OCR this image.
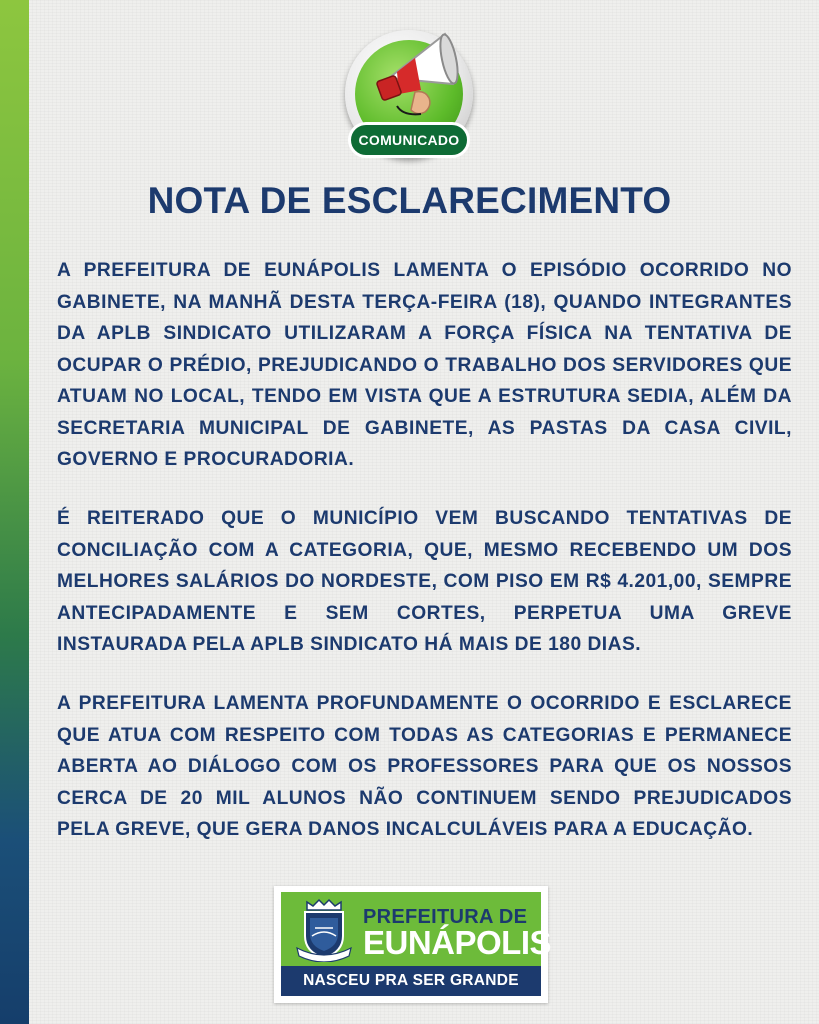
COMUNICADO
NOTA DE ESCLARECIMENTO

A PREFEITURA DE EUNÁPOLIS LAMENTA O EPISÓDIO OCORRIDO NO GABINETE, NA MANHÃ DESTA TERÇA-FEIRA (18), QUANDO INTEGRANTES DA APLB SINDICATO UTILIZARAM A FORÇA FÍSICA NA TENTATIVA DE OCUPAR O PRÉDIO, PREJUDICANDO O TRABALHO DOS SERVIDORES QUE ATUAM NO LOCAL, TENDO EM VISTA QUE A ESTRUTURA SEDIA, ALÉM DA SECRETARIA MUNICIPAL DE GABINETE, AS PASTAS DA CASA CIVIL, GOVERNO E PROCURADORIA.

É REITERADO QUE O MUNICÍPIO VEM BUSCANDO TENTATIVAS DE CONCILIAÇÃO COM A CATEGORIA, QUE, MESMO RECEBENDO UM DOS MELHORES SALÁRIOS DO NORDESTE, COM PISO EM R$ 4.201,00, SEMPRE ANTECIPADAMENTE E SEM CORTES, PERPETUA UMA GREVE INSTAURADA PELA APLB SINDICATO HÁ MAIS DE 180 DIAS.

A PREFEITURA LAMENTA PROFUNDAMENTE O OCORRIDO E ESCLARECE QUE ATUA COM RESPEITO COM TODAS AS CATEGORIAS E PERMANECE ABERTA AO DIÁLOGO COM OS PROFESSORES PARA QUE OS NOSSOS CERCA DE 20 MIL ALUNOS NÃO CONTINUEM SENDO PREJUDICADOS PELA GREVE, QUE GERA DANOS INCALCULÁVEIS PARA A EDUCAÇÃO.

PREFEITURA DE
EUNÁPOLIS
NASCEU PRA SER GRANDE
